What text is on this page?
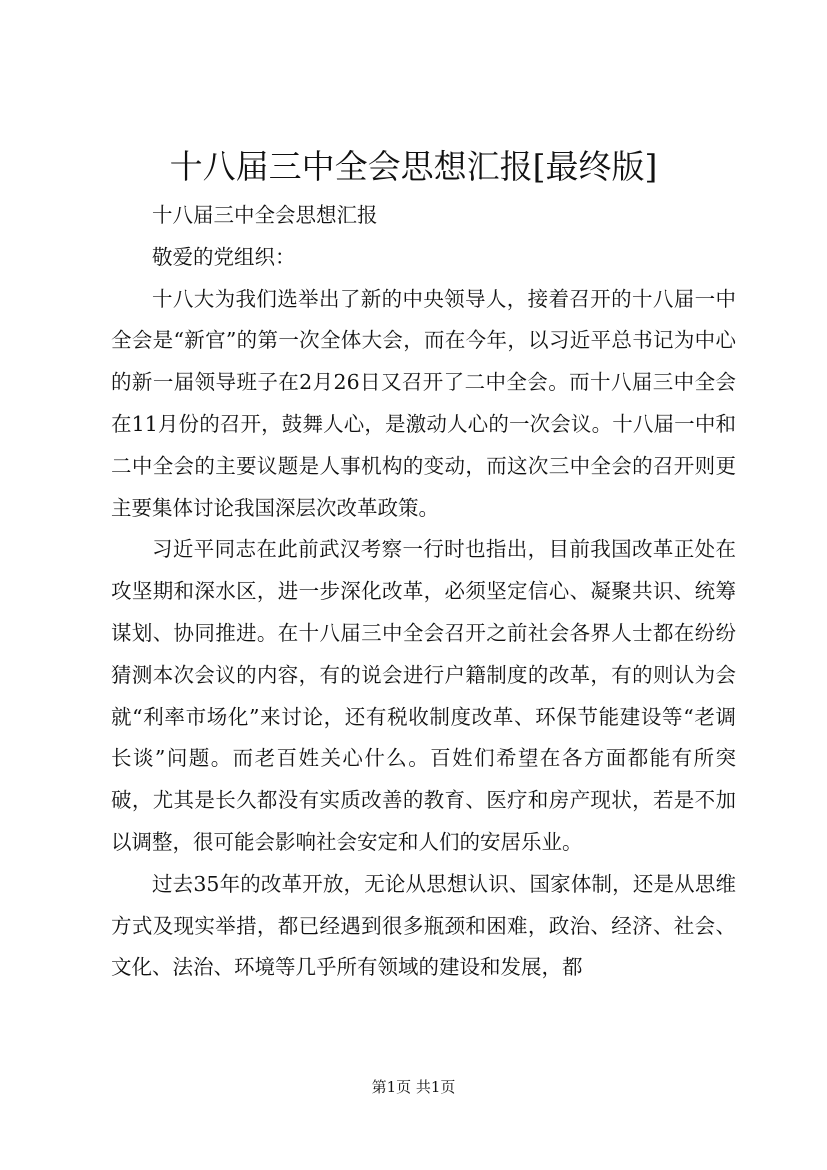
十八届三中全会思想汇报[最终版]

十八届三中全会思想汇报

敬爱的党组织：

十八大为我们选举出了新的中央领导人，接着召开的十八届一中全会是“新官”的第一次全体大会，而在今年，以习近平总书记为中心的新一届领导班子在2月26日又召开了二中全会。而十八届三中全会在11月份的召开，鼓舞人心，是激动人心的一次会议。十八届一中和二中全会的主要议题是人事机构的变动，而这次三中全会的召开则更主要集体讨论我国深层次改革政策。

习近平同志在此前武汉考察一行时也指出，目前我国改革正处在攻坚期和深水区，进一步深化改革，必须坚定信心、凝聚共识、统筹谋划、协同推进。在十八届三中全会召开之前社会各界人士都在纷纷猜测本次会议的内容，有的说会进行户籍制度的改革，有的则认为会就“利率市场化”来讨论，还有税收制度改革、环保节能建设等“老调长谈”问题。而老百姓关心什么。百姓们希望在各方面都能有所突破，尤其是长久都没有实质改善的教育、医疗和房产现状，若是不加以调整，很可能会影响社会安定和人们的安居乐业。

过去35年的改革开放，无论从思想认识、国家体制，还是从思维方式及现实举措，都已经遇到很多瓶颈和困难，政治、经济、社会、文化、法治、环境等几乎所有领域的建设和发展，都

第1页 共1页
